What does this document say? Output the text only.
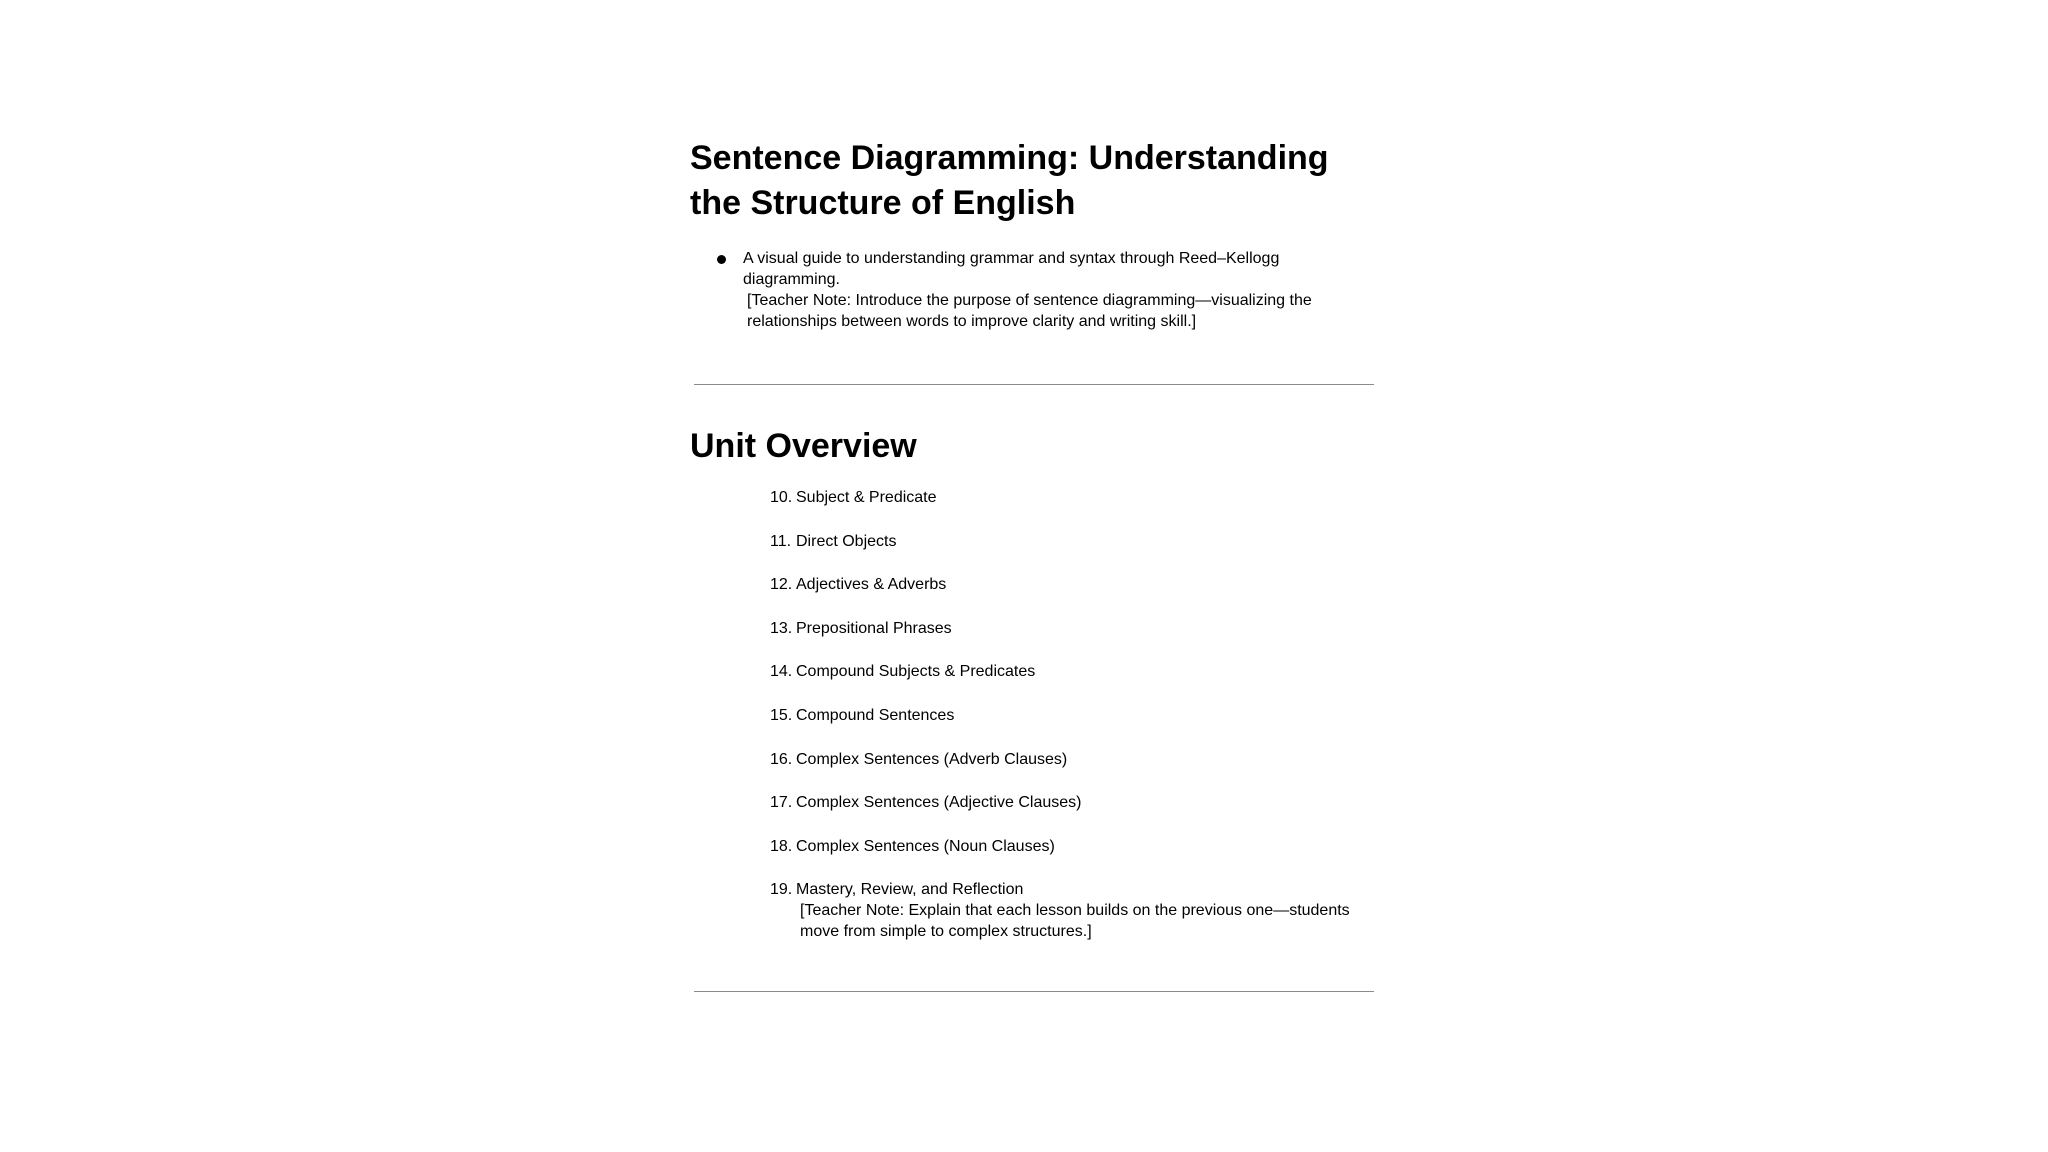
Sentence Diagramming: Understanding the Structure of English
A visual guide to understanding grammar and syntax through Reed–Kellogg diagramming.
[Teacher Note: Introduce the purpose of sentence diagramming—visualizing the relationships between words to improve clarity and writing skill.]
Unit Overview
10. Subject & Predicate
11. Direct Objects
12. Adjectives & Adverbs
13. Prepositional Phrases
14. Compound Subjects & Predicates
15. Compound Sentences
16. Complex Sentences (Adverb Clauses)
17. Complex Sentences (Adjective Clauses)
18. Complex Sentences (Noun Clauses)
19. Mastery, Review, and Reflection
[Teacher Note: Explain that each lesson builds on the previous one—students move from simple to complex structures.]
